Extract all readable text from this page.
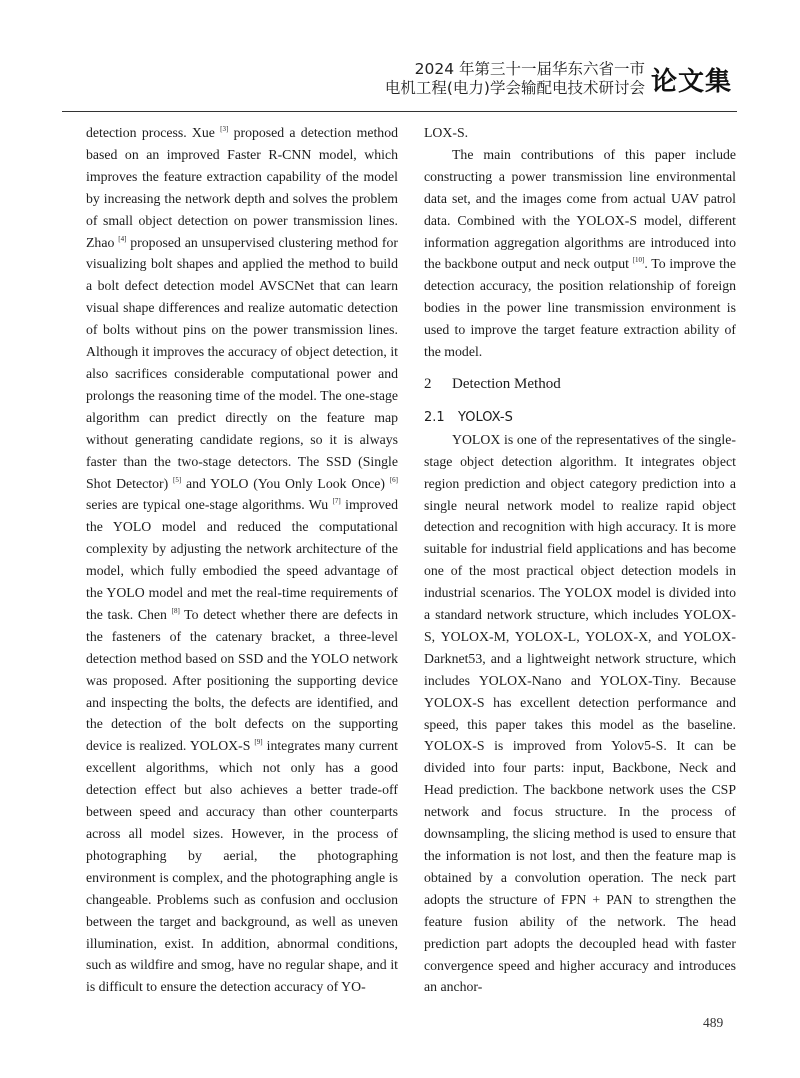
2024 年第三十一届华东六省一市
电机工程(电力)学会输配电技术研讨会 论文集

detection process. Xue [3] proposed a detection method based on an improved Faster R-CNN model, which improves the feature extraction capability of the model by increasing the network depth and solves the problem of small object detection on power transmission lines. Zhao [4] proposed an unsupervised clustering method for visualizing bolt shapes and applied the method to build a bolt defect detection model AVSCNet that can learn visual shape differences and realize automatic detection of bolts without pins on the power transmission lines. Although it improves the accuracy of object detection, it also sacrifices considerable computational power and prolongs the reasoning time of the model. The one-stage algorithm can predict directly on the feature map without generating candidate regions, so it is always faster than the two-stage detectors. The SSD (Single Shot Detector) [5] and YOLO (You Only Look Once) [6] series are typical one-stage algorithms. Wu [7] improved the YOLO model and reduced the computational complexity by adjusting the network architecture of the model, which fully embodied the speed advantage of the YOLO model and met the real-time requirements of the task. Chen [8] To detect whether there are defects in the fasteners of the catenary bracket, a three-level detection method based on SSD and the YOLO network was proposed. After positioning the supporting device and inspecting the bolts, the defects are identified, and the detection of the bolt defects on the supporting device is realized. YOLOX-S [9] integrates many current excellent algorithms, which not only has a good detection effect but also achieves a better trade-off between speed and accuracy than other counterparts across all model sizes. However, in the process of photographing by aerial, the photographing environment is complex, and the photographing angle is changeable. Problems such as confusion and occlusion between the target and background, as well as uneven illumination, exist. In addition, abnormal conditions, such as wildfire and smog, have no regular shape, and it is difficult to ensure the detection accuracy of YO-

LOX-S.

The main contributions of this paper include constructing a power transmission line environmental data set, and the images come from actual UAV patrol data. Combined with the YOLOX-S model, different information aggregation algorithms are introduced into the backbone output and neck output [10]. To improve the detection accuracy, the position relationship of foreign bodies in the power line transmission environment is used to improve the target feature extraction ability of the model.

2 Detection Method
2.1 YOLOX-S

YOLOX is one of the representatives of the single-stage object detection algorithm. It integrates object region prediction and object category prediction into a single neural network model to realize rapid object detection and recognition with high accuracy. It is more suitable for industrial field applications and has become one of the most practical object detection models in industrial scenarios. The YOLOX model is divided into a standard network structure, which includes YOLOX-S, YOLOX-M, YOLOX-L, YOLOX-X, and YOLOX-Darknet53, and a lightweight network structure, which includes YOLOX-Nano and YOLOX-Tiny. Because YOLOX-S has excellent detection performance and speed, this paper takes this model as the baseline. YOLOX-S is improved from Yolov5-S. It can be divided into four parts: input, Backbone, Neck and Head prediction. The backbone network uses the CSP network and focus structure. In the process of downsampling, the slicing method is used to ensure that the information is not lost, and then the feature map is obtained by a convolution operation. The neck part adopts the structure of FPN + PAN to strengthen the feature fusion ability of the network. The head prediction part adopts the decoupled head with faster convergence speed and higher accuracy and introduces an anchor-

489
